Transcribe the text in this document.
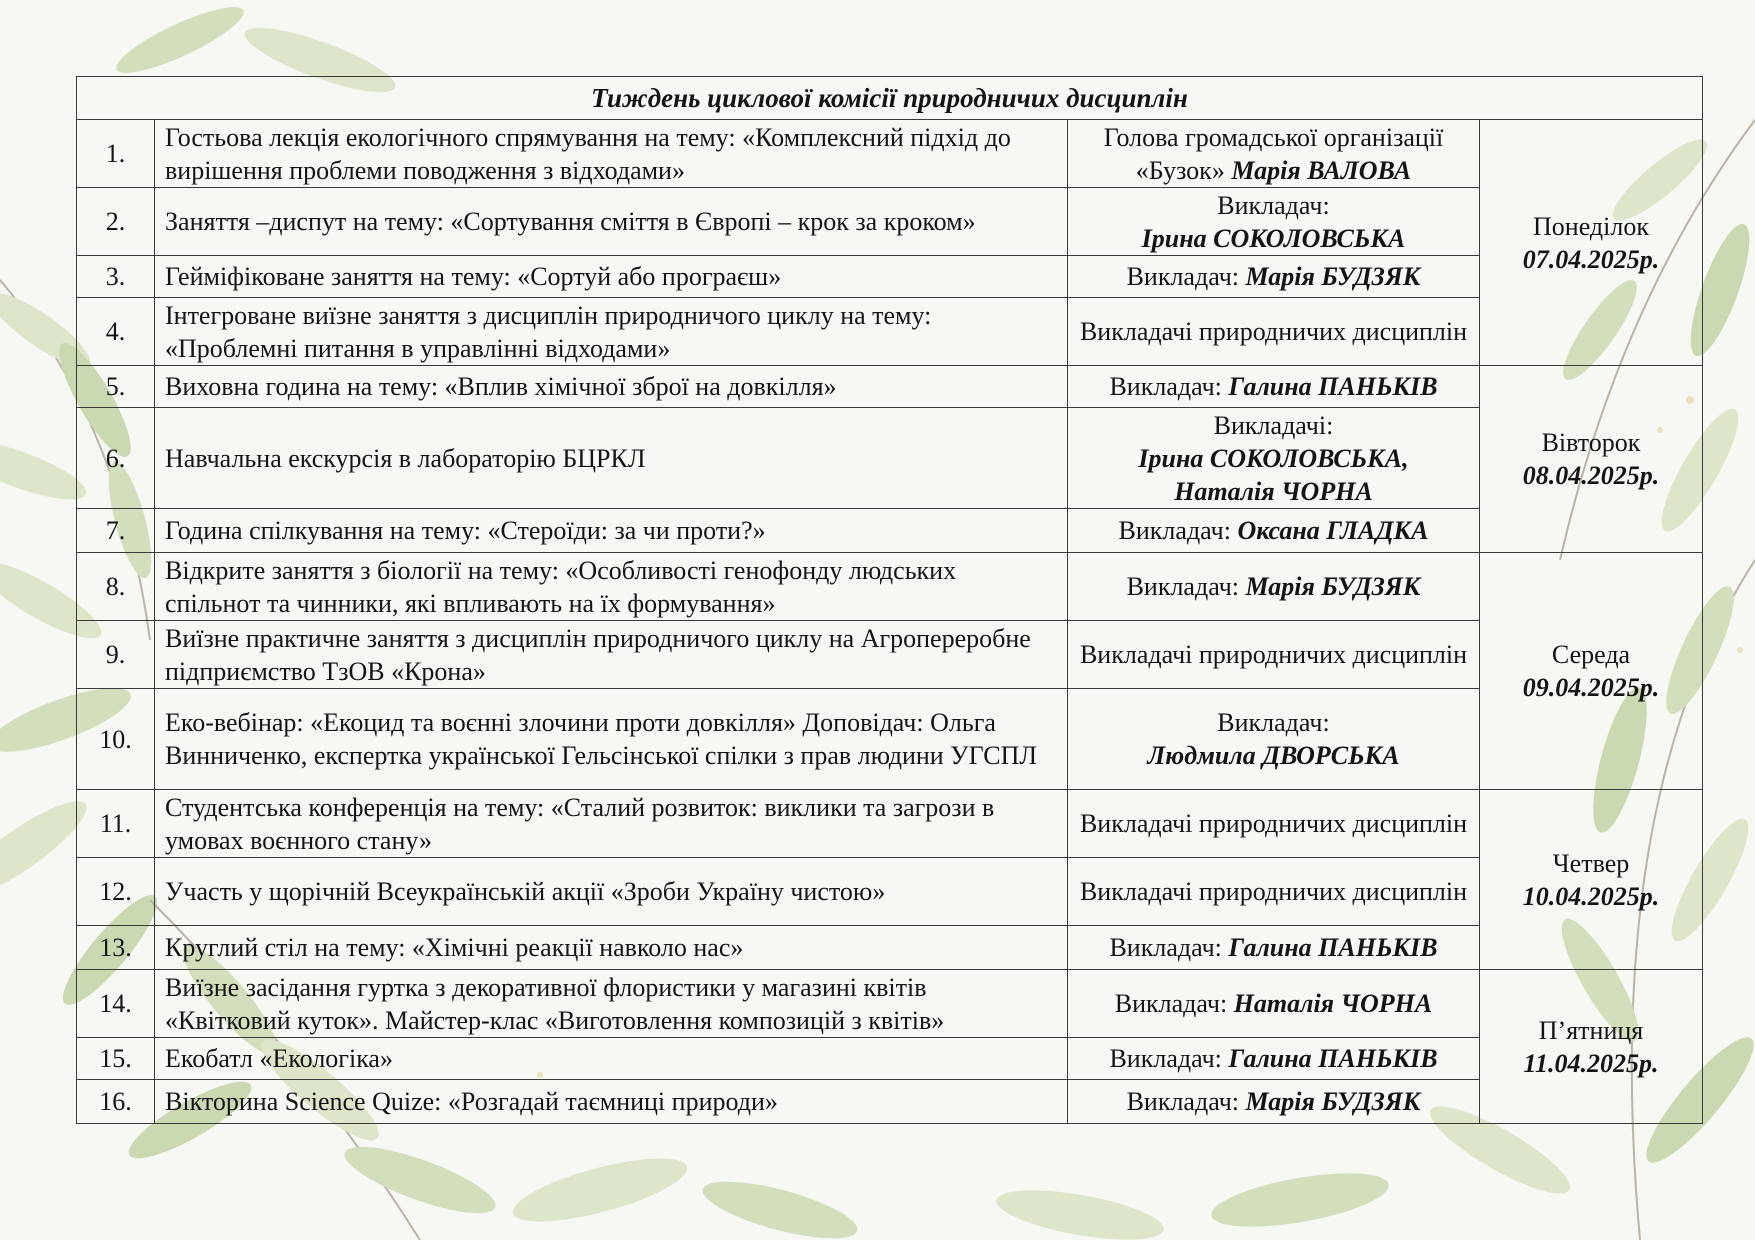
Тиждень циклової комісії природничих дисциплін			
1.	Гостьова лекція екологічного спрямування на тему: «Комплексний підхід до вирішення проблеми поводження з відходами»	Голова громадської організації «Бузок» Марія ВАЛОВА	Понеділок
07.04.2025р.

2.	Заняття –диспут на тему: «Сортування сміття в Європі – крок за кроком»	Викладач:
Ірина СОКОЛОВСЬКА	

3.	Гейміфіковане заняття на тему: «Сортуй або програєш»	Викладач: Марія БУДЗЯК	
4.	Інтегроване виїзне заняття з дисциплін природничого циклу на тему: «Проблемні питання в управлінні відходами»	Викладачі природничих дисциплін	
5.	Виховна година на тему: «Вплив хімічної зброї на довкілля»	Викладач: Галина ПАНЬКІВ	Вівторок
08.04.2025р.

6.	Навчальна екскурсія в лабораторію БЦРКЛ	Викладачі:
Ірина СОКОЛОВСЬКА,
Наталія ЧОРНА	

7.	Година спілкування на тему: «Стероїди: за чи проти?»	Викладач: Оксана ГЛАДКА	
8.	Відкрите заняття з біології на тему: «Особливості генофонду людських спільнот та чинники, які впливають на їх формування»	Викладач: Марія БУДЗЯК	Середа
09.04.2025р.

9.	Виїзне практичне заняття з дисциплін природничого циклу на Агропереробне підприємство ТзОВ «Крона»	Викладачі природничих дисциплін	
10.	Еко-вебінар: «Екоцид та воєнні злочини проти довкілля» Доповідач: Ольга Винниченко, експертка української Гельсінської спілки з прав людини УГСПЛ	Викладач:
Людмила ДВОРСЬКА	

11.	Студентська конференція на тему: «Сталий розвиток: виклики та загрози в умовах воєнного стану»	Викладачі природничих дисциплін	Четвер
10.04.2025р.

12.	Участь у щорічній Всеукраїнській акції «Зроби Україну чистою»	Викладачі природничих дисциплін	
13.	Круглий стіл на тему: «Хімічні реакції навколо нас»	Викладач: Галина ПАНЬКІВ	
14.	Виїзне засідання гуртка з декоративної флористики у магазині квітів «Квітковий куток». Майстер-клас «Виготовлення композицій з квітів»	Викладач: Наталія ЧОРНА	П’ятниця
11.04.2025р.

15.	Екобатл «Екологіка»	Викладач: Галина ПАНЬКІВ	
16.	Вікторина Science Quize: «Розгадай таємниці природи»	Викладач: Марія БУДЗЯК	
